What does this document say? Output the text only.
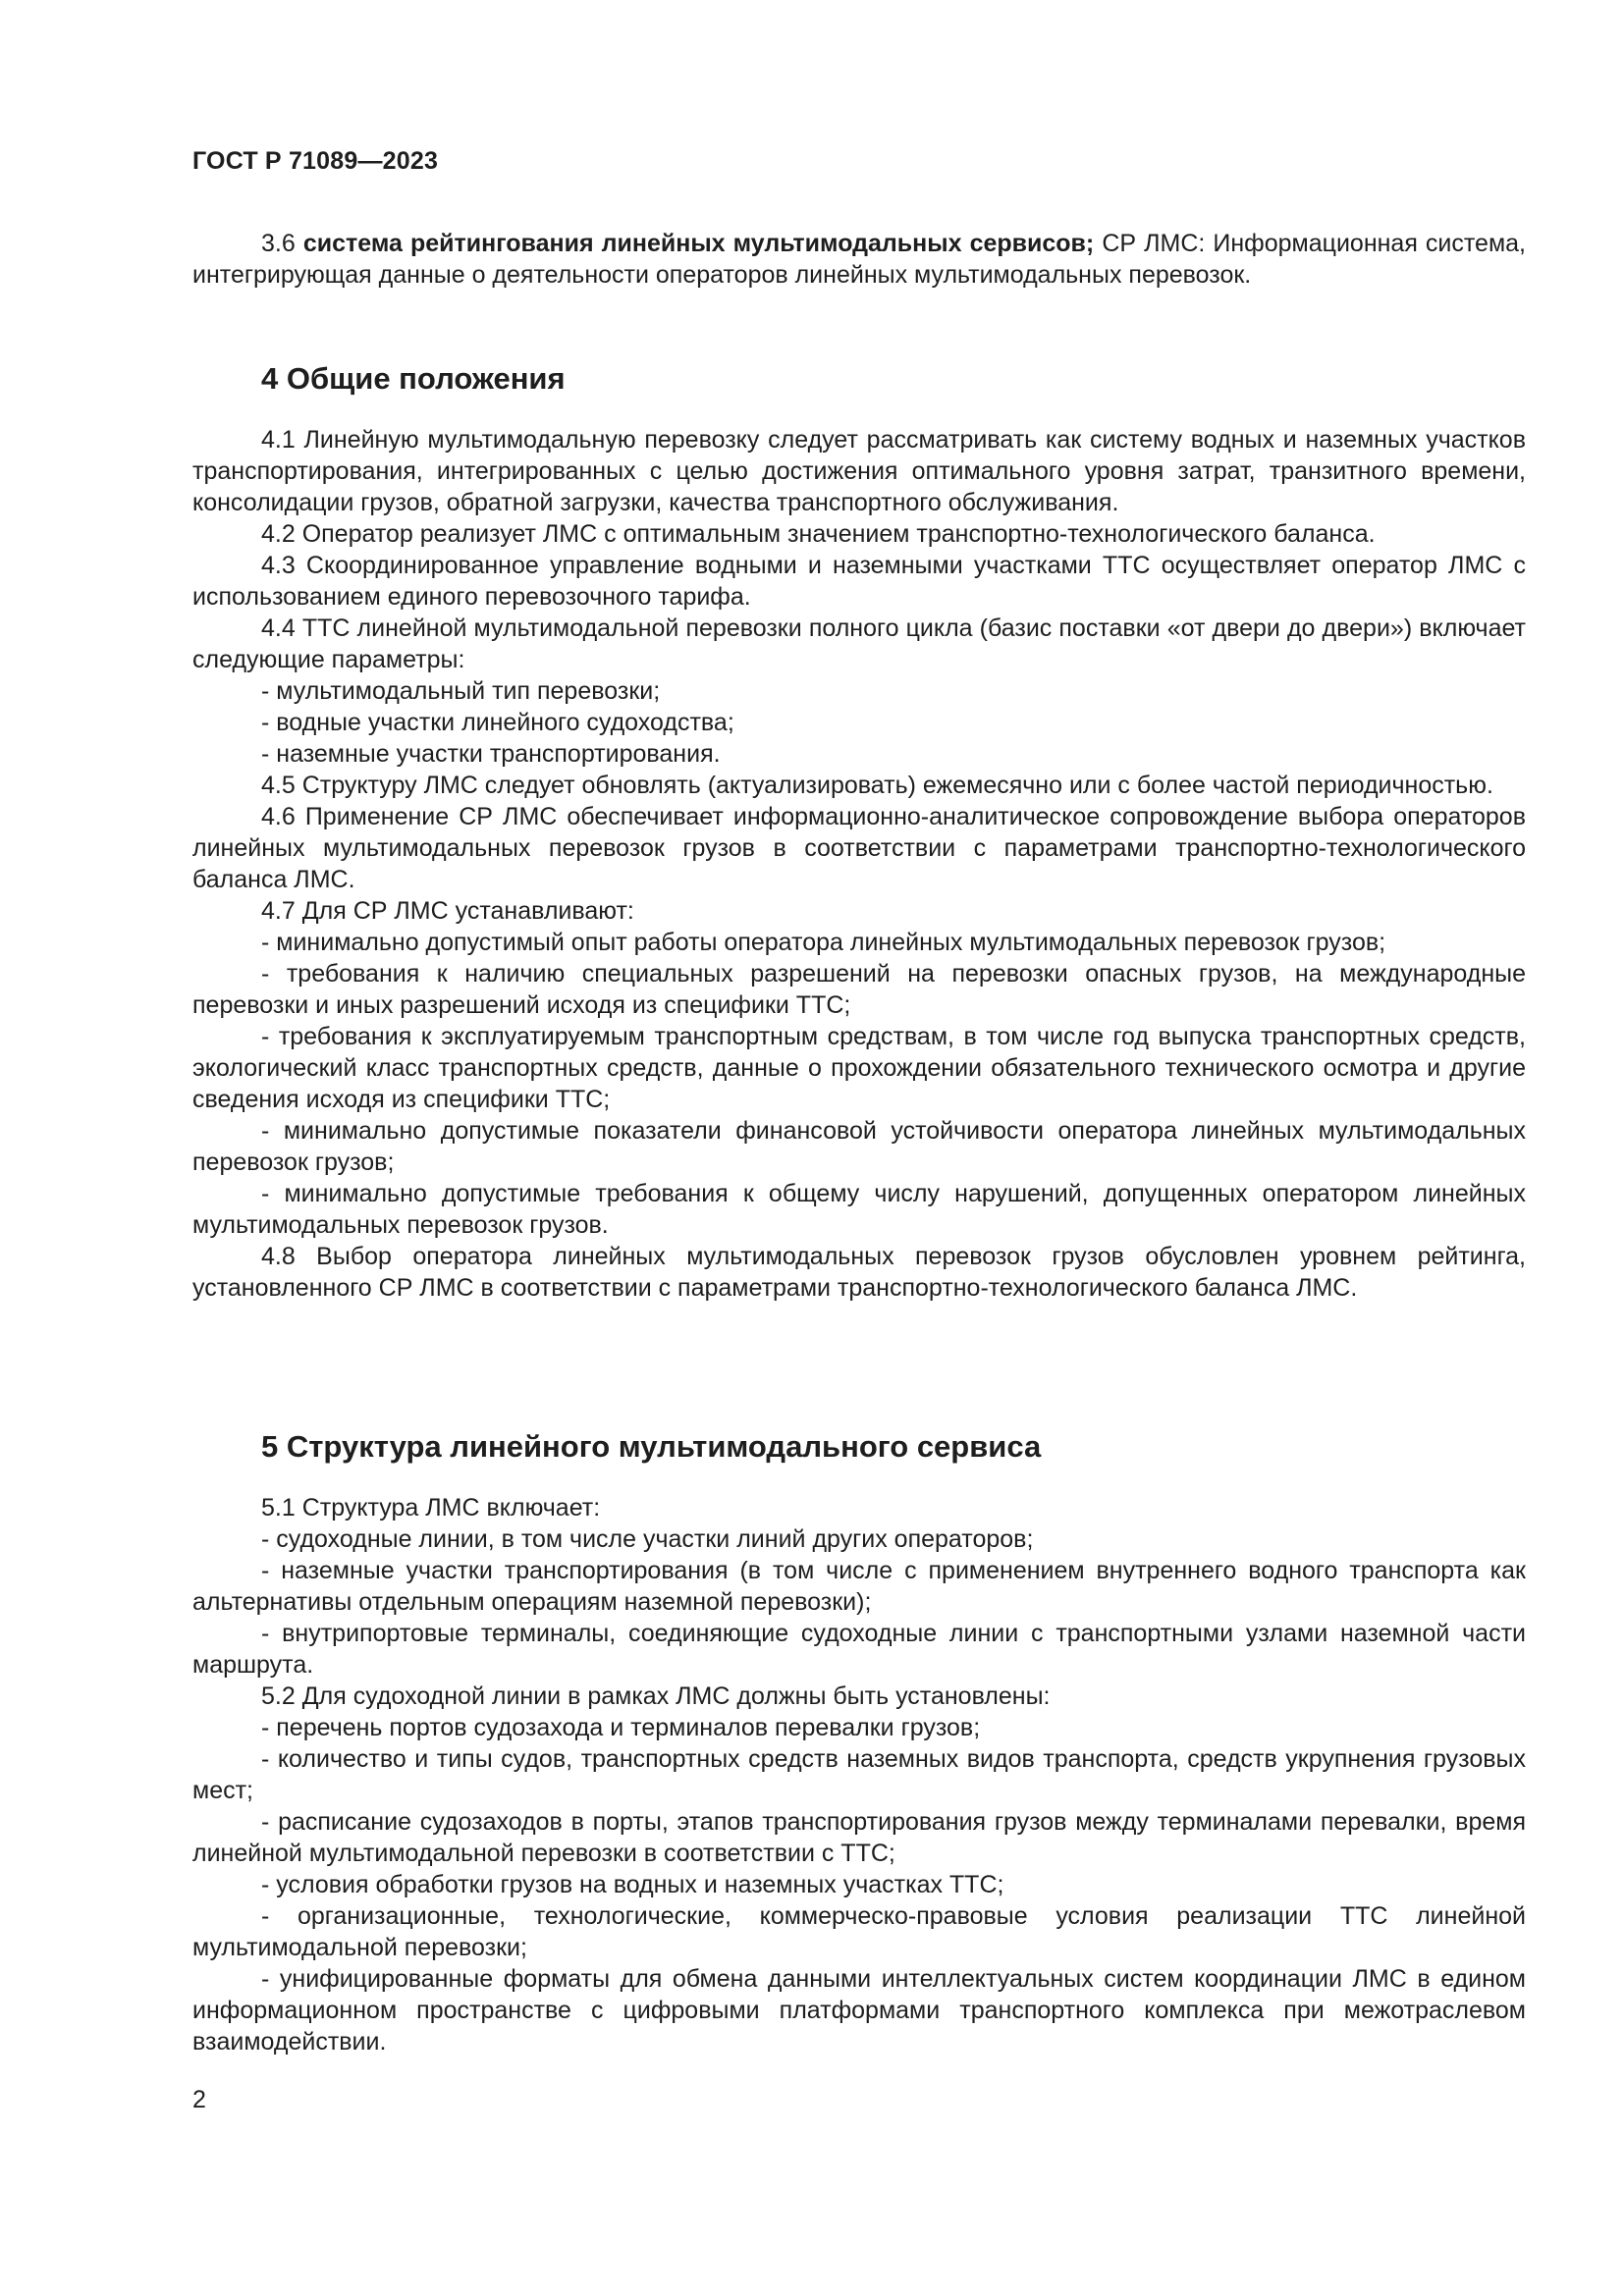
ГОСТ Р 71089—2023

3.6 система рейтингования линейных мультимодальных сервисов; СР ЛМС: Информационная система, интегрирующая данные о деятельности операторов линейных мультимодальных перевозок.

4 Общие положения

4.1 Линейную мультимодальную перевозку следует рассматривать как систему водных и наземных участков транспортирования, интегрированных с целью достижения оптимального уровня затрат, транзитного времени, консолидации грузов, обратной загрузки, качества транспортного обслуживания.

4.2 Оператор реализует ЛМС с оптимальным значением транспортно-технологического баланса.

4.3 Скоординированное управление водными и наземными участками ТТС осуществляет оператор ЛМС с использованием единого перевозочного тарифа.

4.4 ТТС линейной мультимодальной перевозки полного цикла (базис поставки «от двери до двери») включает следующие параметры:

- мультимодальный тип перевозки;

- водные участки линейного судоходства;

- наземные участки транспортирования.

4.5 Структуру ЛМС следует обновлять (актуализировать) ежемесячно или с более частой периодичностью.

4.6 Применение СР ЛМС обеспечивает информационно-аналитическое сопровождение выбора операторов линейных мультимодальных перевозок грузов в соответствии с параметрами транспортно-технологического баланса ЛМС.

4.7 Для СР ЛМС устанавливают:

- минимально допустимый опыт работы оператора линейных мультимодальных перевозок грузов;

- требования к наличию специальных разрешений на перевозки опасных грузов, на международные перевозки и иных разрешений исходя из специфики ТТС;

- требования к эксплуатируемым транспортным средствам, в том числе год выпуска транспортных средств, экологический класс транспортных средств, данные о прохождении обязательного технического осмотра и другие сведения исходя из специфики ТТС;

- минимально допустимые показатели финансовой устойчивости оператора линейных мультимодальных перевозок грузов;

- минимально допустимые требования к общему числу нарушений, допущенных оператором линейных мультимодальных перевозок грузов.

4.8 Выбор оператора линейных мультимодальных перевозок грузов обусловлен уровнем рейтинга, установленного СР ЛМС в соответствии с параметрами транспортно-технологического баланса ЛМС.

5 Структура линейного мультимодального сервиса

5.1 Структура ЛМС включает:

- судоходные линии, в том числе участки линий других операторов;

- наземные участки транспортирования (в том числе с применением внутреннего водного транспорта как альтернативы отдельным операциям наземной перевозки);

- внутрипортовые терминалы, соединяющие судоходные линии с транспортными узлами наземной части маршрута.

5.2 Для судоходной линии в рамках ЛМС должны быть установлены:

- перечень портов судозахода и терминалов перевалки грузов;

- количество и типы судов, транспортных средств наземных видов транспорта, средств укрупнения грузовых мест;

- расписание судозаходов в порты, этапов транспортирования грузов между терминалами перевалки, время линейной мультимодальной перевозки в соответствии с ТТС;

- условия обработки грузов на водных и наземных участках ТТС;

- организационные, технологические, коммерческо-правовые условия реализации ТТС линейной мультимодальной перевозки;

- унифицированные форматы для обмена данными интеллектуальных систем координации ЛМС в едином информационном пространстве с цифровыми платформами транспортного комплекса при межотраслевом взаимодействии.

2
